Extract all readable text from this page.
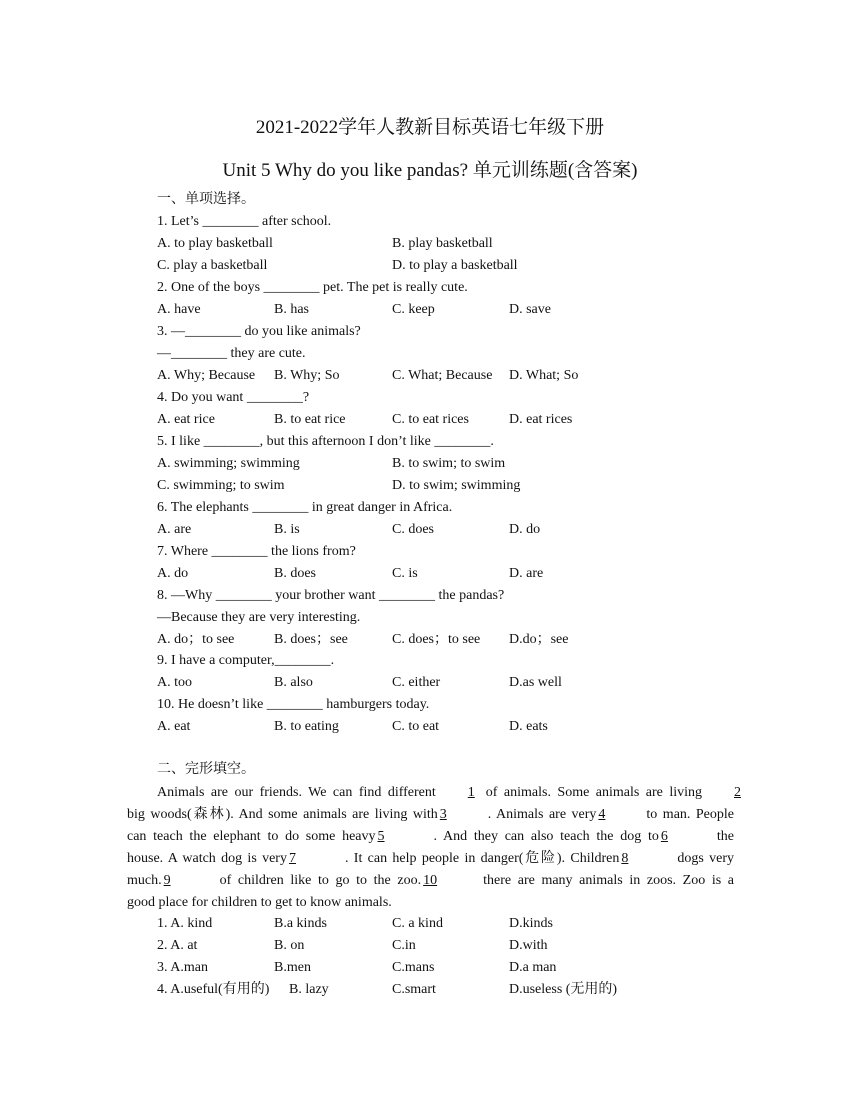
2021-2022学年人教新目标英语七年级下册
Unit 5 Why do you like pandas? 单元训练题(含答案)
一、单项选择。
1. Let’s ________ after school.
A. to play basketball	B. play basketball
C. play a basketball	D. to play a basketball
2. One of the boys ________ pet. The pet is really cute.
A. have	B. has	C. keep	D. save
3. —________ do you like animals?
—________ they are cute.
A. Why; Because B. Why; So	C. What; Because D. What; So
4. Do you want ________?
A. eat rice	B. to eat rice	C. to eat rices	D. eat rices
5. I like ________, but this afternoon I don’t like ________.
A. swimming; swimming	B. to swim; to swim
C. swimming; to swim	D. to swim; swimming
6. The elephants ________ in great danger in Africa.
A. are	B. is	C. does	D. do
7. Where ________ the lions from?
A. do	B. does	C. is	D. are
8. —Why ________ your brother want ________ the pandas?
—Because they are very interesting.
A. do；to see	B. does；see	C. does；to see D.do；see
9. I have a computer,________.
A. too	B. also	C. either	D.as well
10. He doesn’t like ________ hamburgers today.
A. eat	B. to eating	C. to eat	D. eats
二、完形填空。
Animals are our friends. We can find different 1 of animals. Some animals are living 2
big woods(森林). And some animals are living with 3	. Animals are very 4	to man. People
can teach the elephant to do some heavy 5	. And they can also teach the dog to 6	the
house. A watch dog is very 7	. It can help people in danger(危险). Children 8	dogs very
much. 9	of children like to go to the zoo. 10	there are many animals in zoos. Zoo is a
good place for children to get to know animals.
1. A. kind	B.a kinds	C. a kind	D.kinds
2. A. at	B. on	C.in	D.with
3. A.man	B.men	C.mans	D.a man
4. A.useful(有用的) B. lazy	C.smart	D.useless (无用的)
